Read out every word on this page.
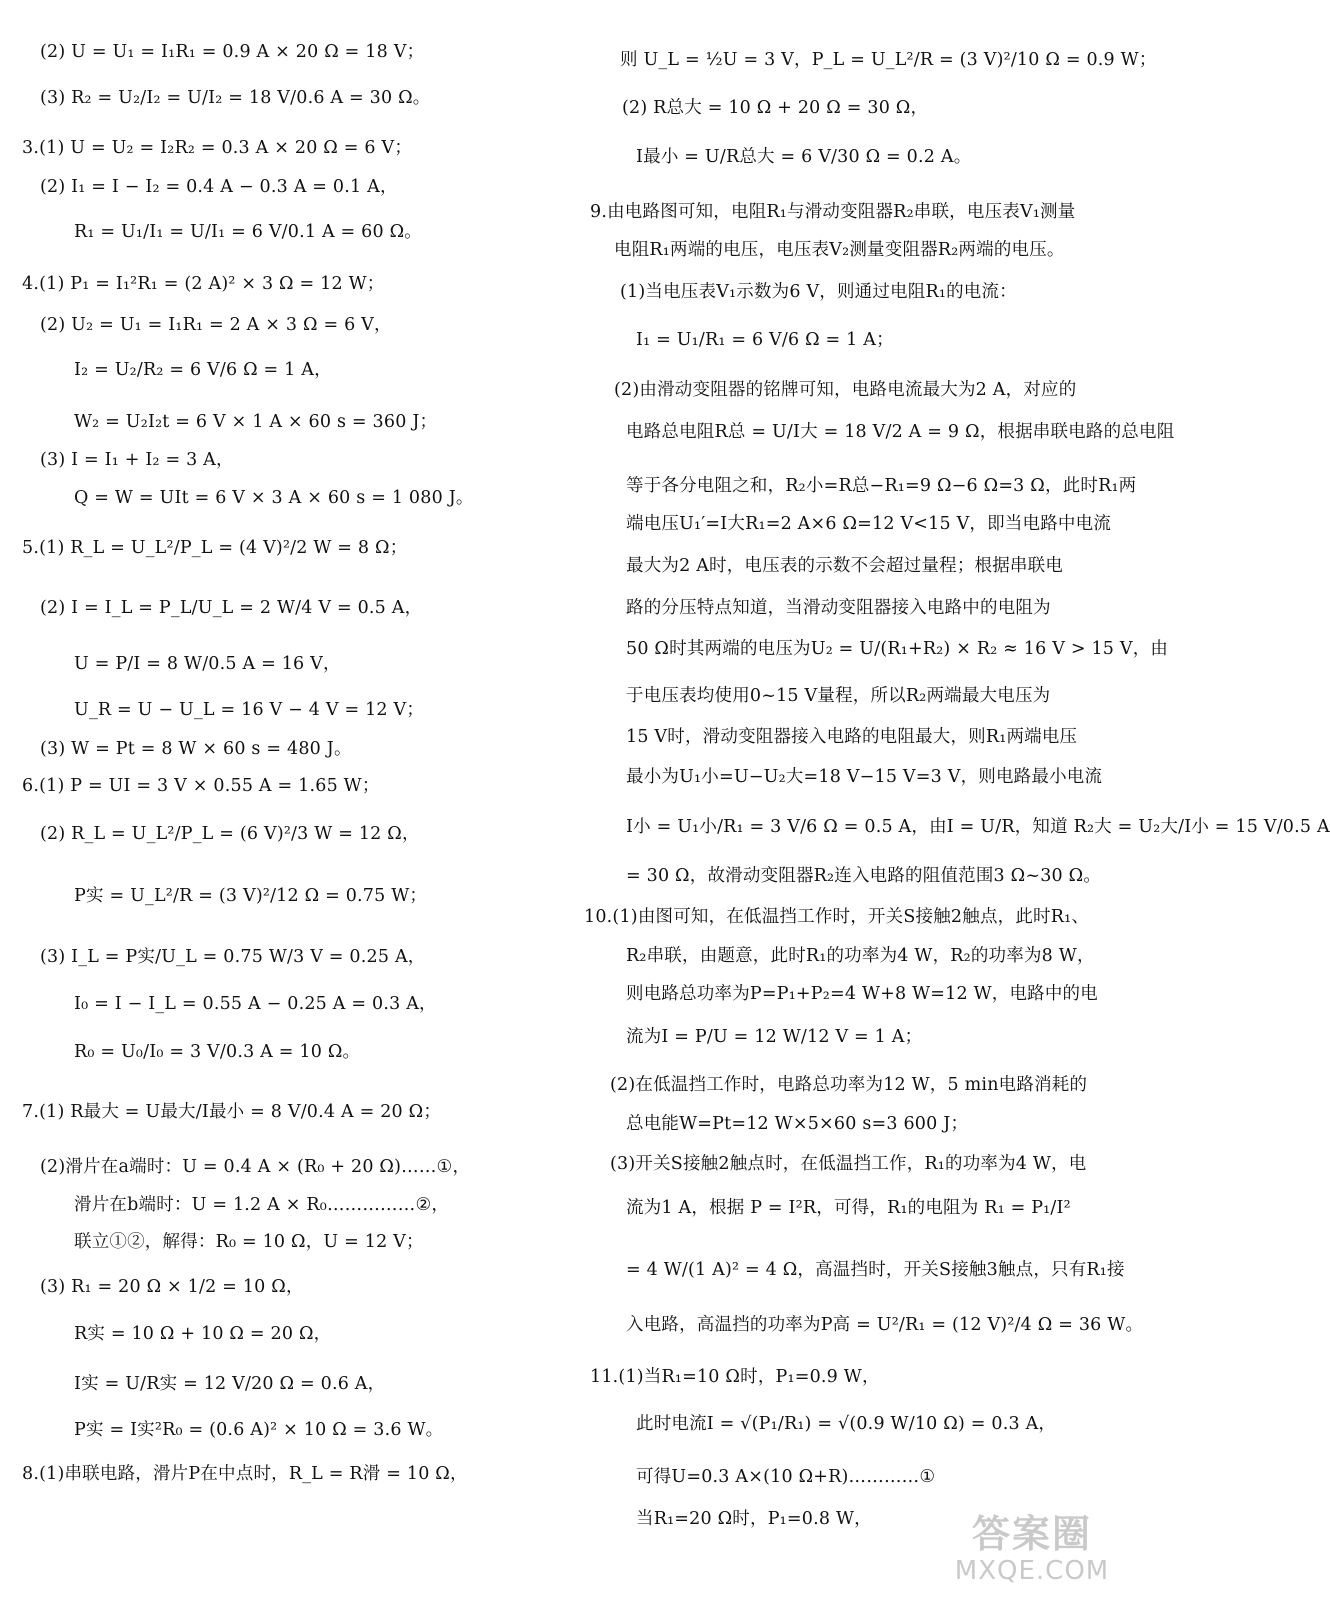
(2) U = U₁ = I₁R₁ = 0.9 A × 20 Ω = 18 V；
(3) R₂ = U₂/I₂ = U/I₂ = 18 V/0.6 A = 30 Ω。
3.(1) U = U₂ = I₂R₂ = 0.3 A × 20 Ω = 6 V；
(2) I₁ = I − I₂ = 0.4 A − 0.3 A = 0.1 A，
R₁ = U₁/I₁ = U/I₁ = 6 V/0.1 A = 60 Ω。
4.(1) P₁ = I₁²R₁ = (2 A)² × 3 Ω = 12 W；
(2) U₂ = U₁ = I₁R₁ = 2 A × 3 Ω = 6 V，
I₂ = U₂/R₂ = 6 V/6 Ω = 1 A，
W₂ = U₂I₂t = 6 V × 1 A × 60 s = 360 J；
(3) I = I₁ + I₂ = 3 A，
Q = W = UIt = 6 V × 3 A × 60 s = 1 080 J。
5.(1) R_L = U_L²/P_L = (4 V)²/2 W = 8 Ω；
(2) I = I_L = P_L/U_L = 2 W/4 V = 0.5 A，
U = P/I = 8 W/0.5 A = 16 V，
U_R = U − U_L = 16 V − 4 V = 12 V；
(3) W = Pt = 8 W × 60 s = 480 J。
6.(1) P = UI = 3 V × 0.55 A = 1.65 W；
(2) R_L = U_L²/P_L = (6 V)²/3 W = 12 Ω，
P实 = U_L²/R = (3 V)²/12 Ω = 0.75 W；
(3) I_L = P实/U_L = 0.75 W/3 V = 0.25 A，
I₀ = I − I_L = 0.55 A − 0.25 A = 0.3 A，
R₀ = U₀/I₀ = 3 V/0.3 A = 10 Ω。
7.(1) R最大 = U最大/I最小 = 8 V/0.4 A = 20 Ω；
(2)滑片在a端时：U = 0.4 A × (R₀ + 20 Ω)……①，
滑片在b端时：U = 1.2 A × R₀……………②，
联立①②，解得：R₀ = 10 Ω，U = 12 V；
(3) R₁ = 20 Ω × 1/2 = 10 Ω，
R实 = 10 Ω + 10 Ω = 20 Ω，
I实 = U/R实 = 12 V/20 Ω = 0.6 A，
P实 = I实²R₀ = (0.6 A)² × 10 Ω = 3.6 W。
8.(1)串联电路，滑片P在中点时，R_L = R滑 = 10 Ω，
则 U_L = ½U = 3 V，P_L = U_L²/R = (3 V)²/10 Ω = 0.9 W；
(2) R总大 = 10 Ω + 20 Ω = 30 Ω，
I最小 = U/R总大 = 6 V/30 Ω = 0.2 A。
9.由电路图可知，电阻R₁与滑动变阻器R₂串联，电压表V₁测量
电阻R₁两端的电压，电压表V₂测量变阻器R₂两端的电压。
(1)当电压表V₁示数为6 V，则通过电阻R₁的电流：
I₁ = U₁/R₁ = 6 V/6 Ω = 1 A；
(2)由滑动变阻器的铭牌可知，电路电流最大为2 A，对应的
电路总电阻R总 = U/I大 = 18 V/2 A = 9 Ω，根据串联电路的总电阻
等于各分电阻之和，R₂小=R总−R₁=9 Ω−6 Ω=3 Ω，此时R₁两
端电压U₁′=I大R₁=2 A×6 Ω=12 V<15 V，即当电路中电流
最大为2 A时，电压表的示数不会超过量程；根据串联电
路的分压特点知道，当滑动变阻器接入电路中的电阻为
50 Ω时其两端的电压为U₂ = U/(R₁+R₂) × R₂ ≈ 16 V > 15 V，由
于电压表均使用0~15 V量程，所以R₂两端最大电压为
15 V时，滑动变阻器接入电路的电阻最大，则R₁两端电压
最小为U₁小=U−U₂大=18 V−15 V=3 V，则电路最小电流
I小 = U₁小/R₁ = 3 V/6 Ω = 0.5 A，由I = U/R，知道 R₂大 = U₂大/I小 = 15 V/0.5 A
= 30 Ω，故滑动变阻器R₂连入电路的阻值范围3 Ω~30 Ω。
10.(1)由图可知，在低温挡工作时，开关S接触2触点，此时R₁、
R₂串联，由题意，此时R₁的功率为4 W，R₂的功率为8 W，
则电路总功率为P=P₁+P₂=4 W+8 W=12 W，电路中的电
流为I = P/U = 12 W/12 V = 1 A；
(2)在低温挡工作时，电路总功率为12 W，5 min电路消耗的
总电能W=Pt=12 W×5×60 s=3 600 J；
(3)开关S接触2触点时，在低温挡工作，R₁的功率为4 W，电
流为1 A，根据 P = I²R，可得，R₁的电阻为 R₁ = P₁/I²
= 4 W/(1 A)² = 4 Ω，高温挡时，开关S接触3触点，只有R₁接
入电路，高温挡的功率为P高 = U²/R₁ = (12 V)²/4 Ω = 36 W。
11.(1)当R₁=10 Ω时，P₁=0.9 W，
此时电流I = √(P₁/R₁) = √(0.9 W/10 Ω) = 0.3 A，
可得U=0.3 A×(10 Ω+R)…………①
当R₁=20 Ω时，P₁=0.8 W，	答案圈
MXQE.COM
